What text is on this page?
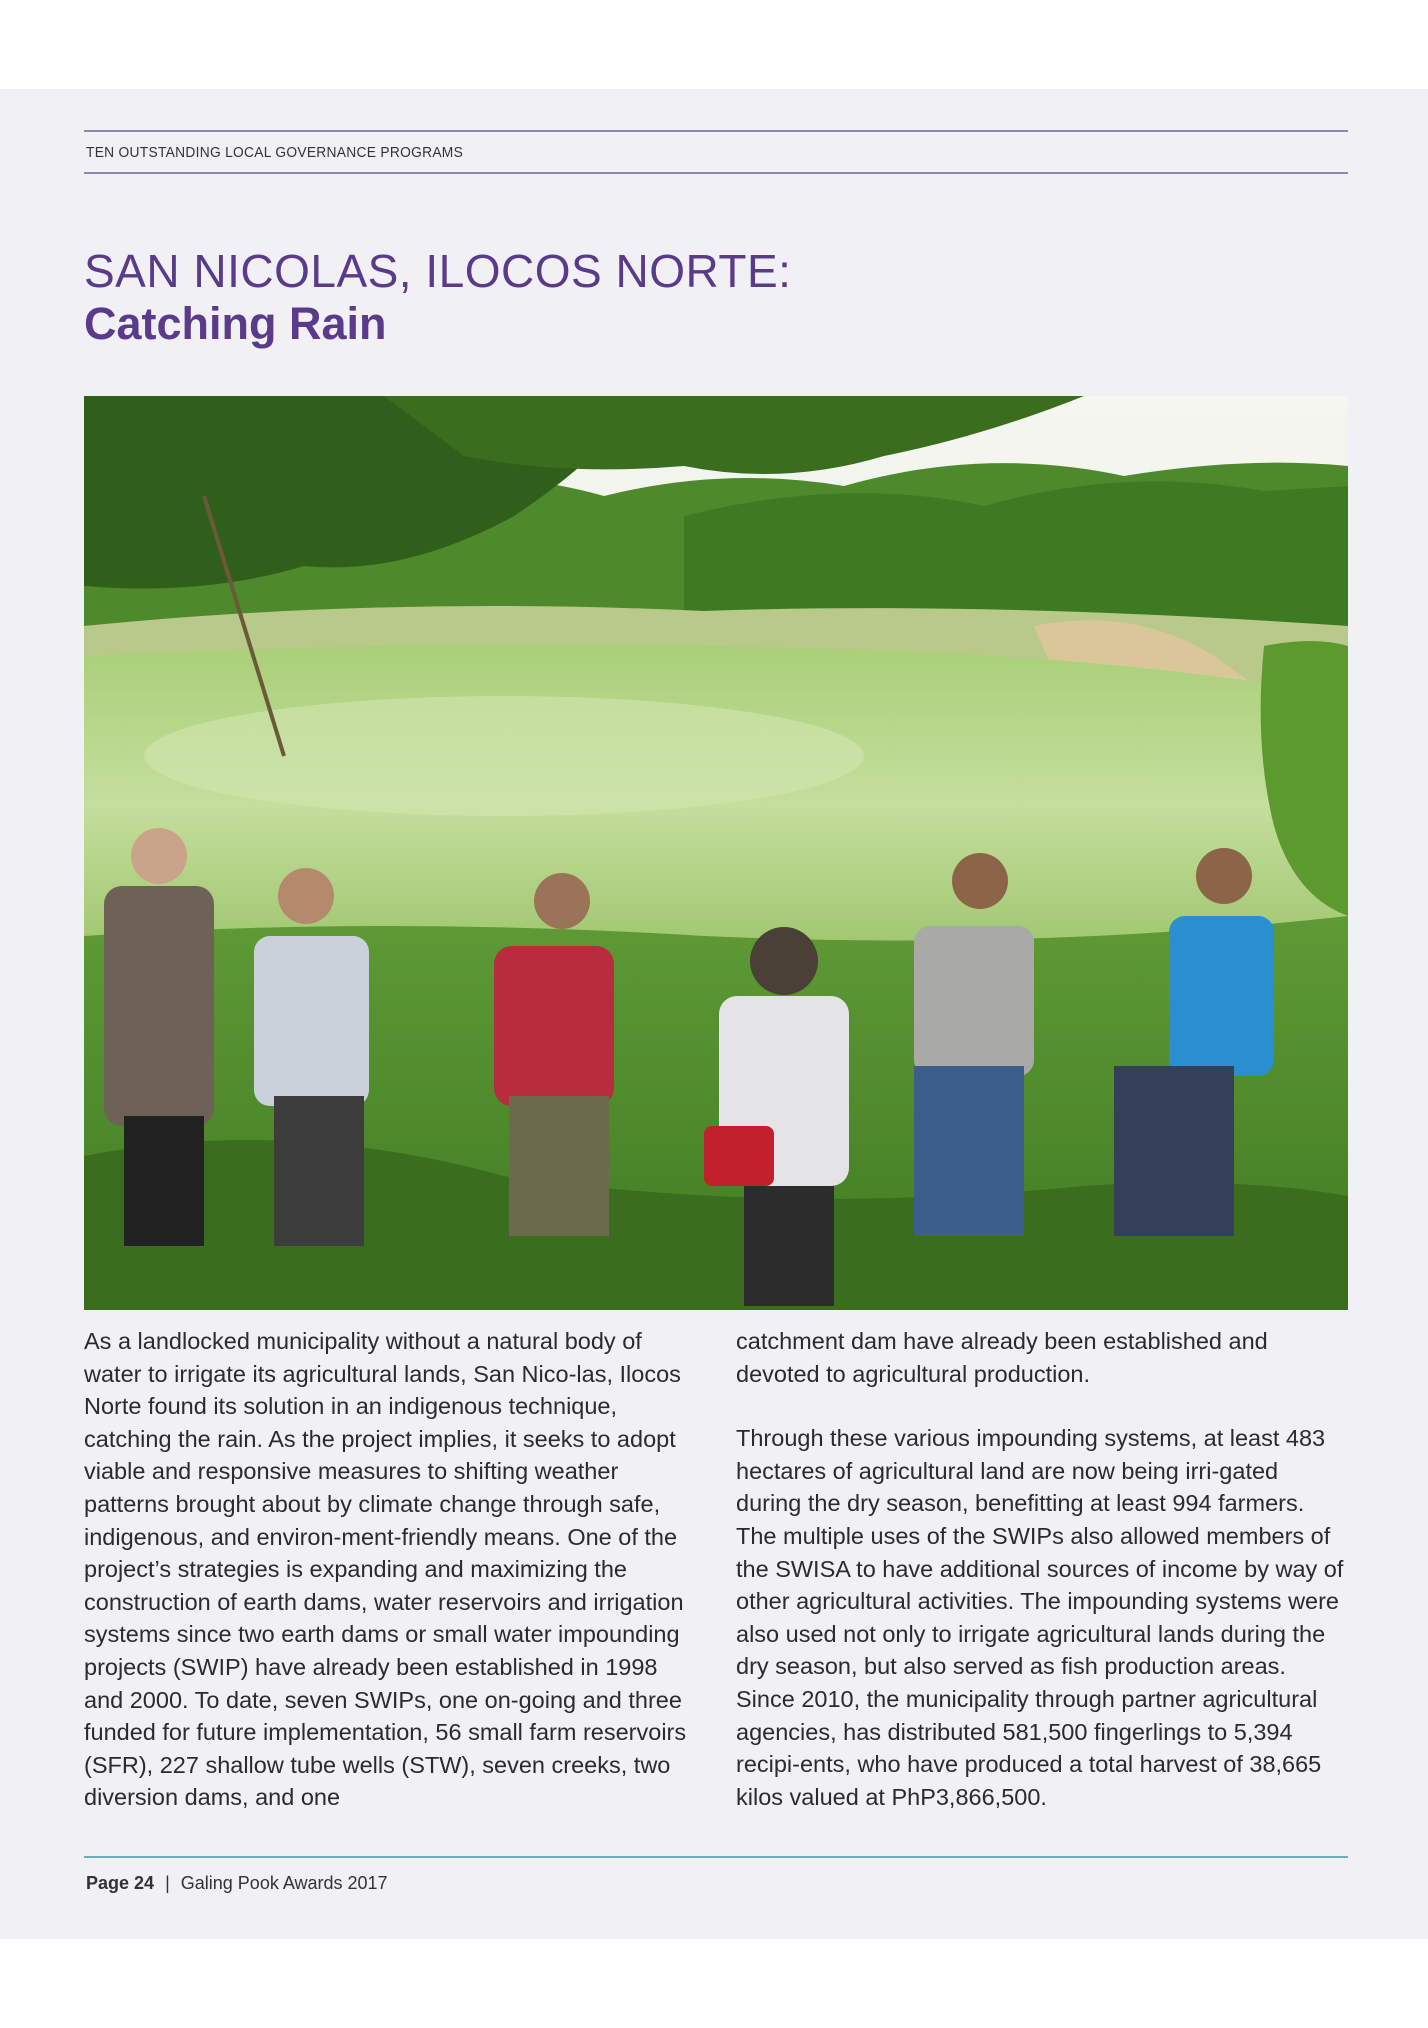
TEN OUTSTANDING LOCAL GOVERNANCE PROGRAMS
SAN NICOLAS, ILOCOS NORTE:
Catching Rain

As a landlocked municipality without a natural body of water to irrigate its agricultural lands, San Nico-las, Ilocos Norte found its solution in an indigenous technique, catching the rain. As the project implies, it seeks to adopt viable and responsive measures to shifting weather patterns brought about by climate change through safe, indigenous, and environ-ment-friendly means. One of the project’s strategies is expanding and maximizing the construction of earth dams, water reservoirs and irrigation systems since two earth dams or small water impounding projects (SWIP) have already been established in 1998 and 2000. To date, seven SWIPs, one on-going and three funded for future implementation, 56 small farm reservoirs (SFR), 227 shallow tube wells (STW), seven creeks, two diversion dams, and one

catchment dam have already been established and devoted to agricultural production.

Through these various impounding systems, at least 483 hectares of agricultural land are now being irri-gated during the dry season, benefitting at least 994 farmers. The multiple uses of the SWIPs also allowed members of the SWISA to have additional sources of income by way of other agricultural activities. The impounding systems were also used not only to irrigate agricultural lands during the dry season, but also served as fish production areas. Since 2010, the municipality through partner agricultural agencies, has distributed 581,500 fingerlings to 5,394 recipi-ents, who have produced a total harvest of 38,665 kilos valued at PhP3,866,500.

Page 24 | Galing Pook Awards 2017
